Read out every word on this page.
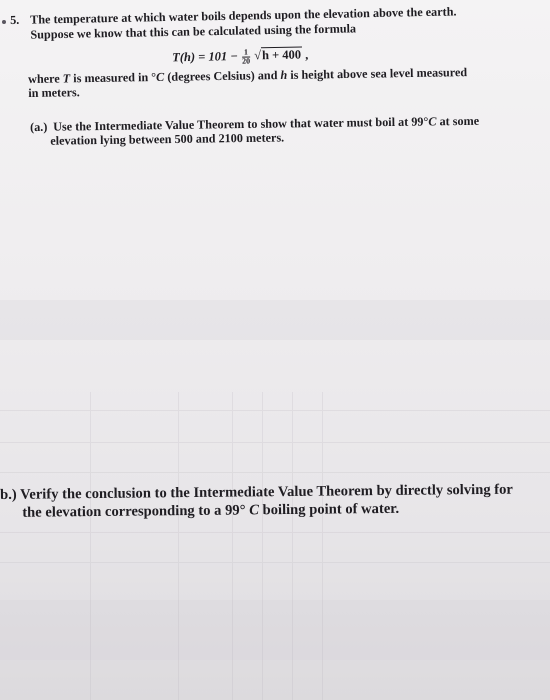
5. The temperature at which water boils depends upon the elevation above the earth.
Suppose we know that this can be calculated using the formula
$T(h) = 101 - \frac{1}{20} √h + 400$ ,
where T is measured in °C (degrees Celsius) and h is height above sea level measured
in meters.
(a.) Use the Intermediate Value Theorem to show that water must boil at 99°C at some
elevation lying between 500 and 2100 meters.
b.) Verify the conclusion to the Intermediate Value Theorem by directly solving for
the elevation corresponding to a 99° C boiling point of water.
